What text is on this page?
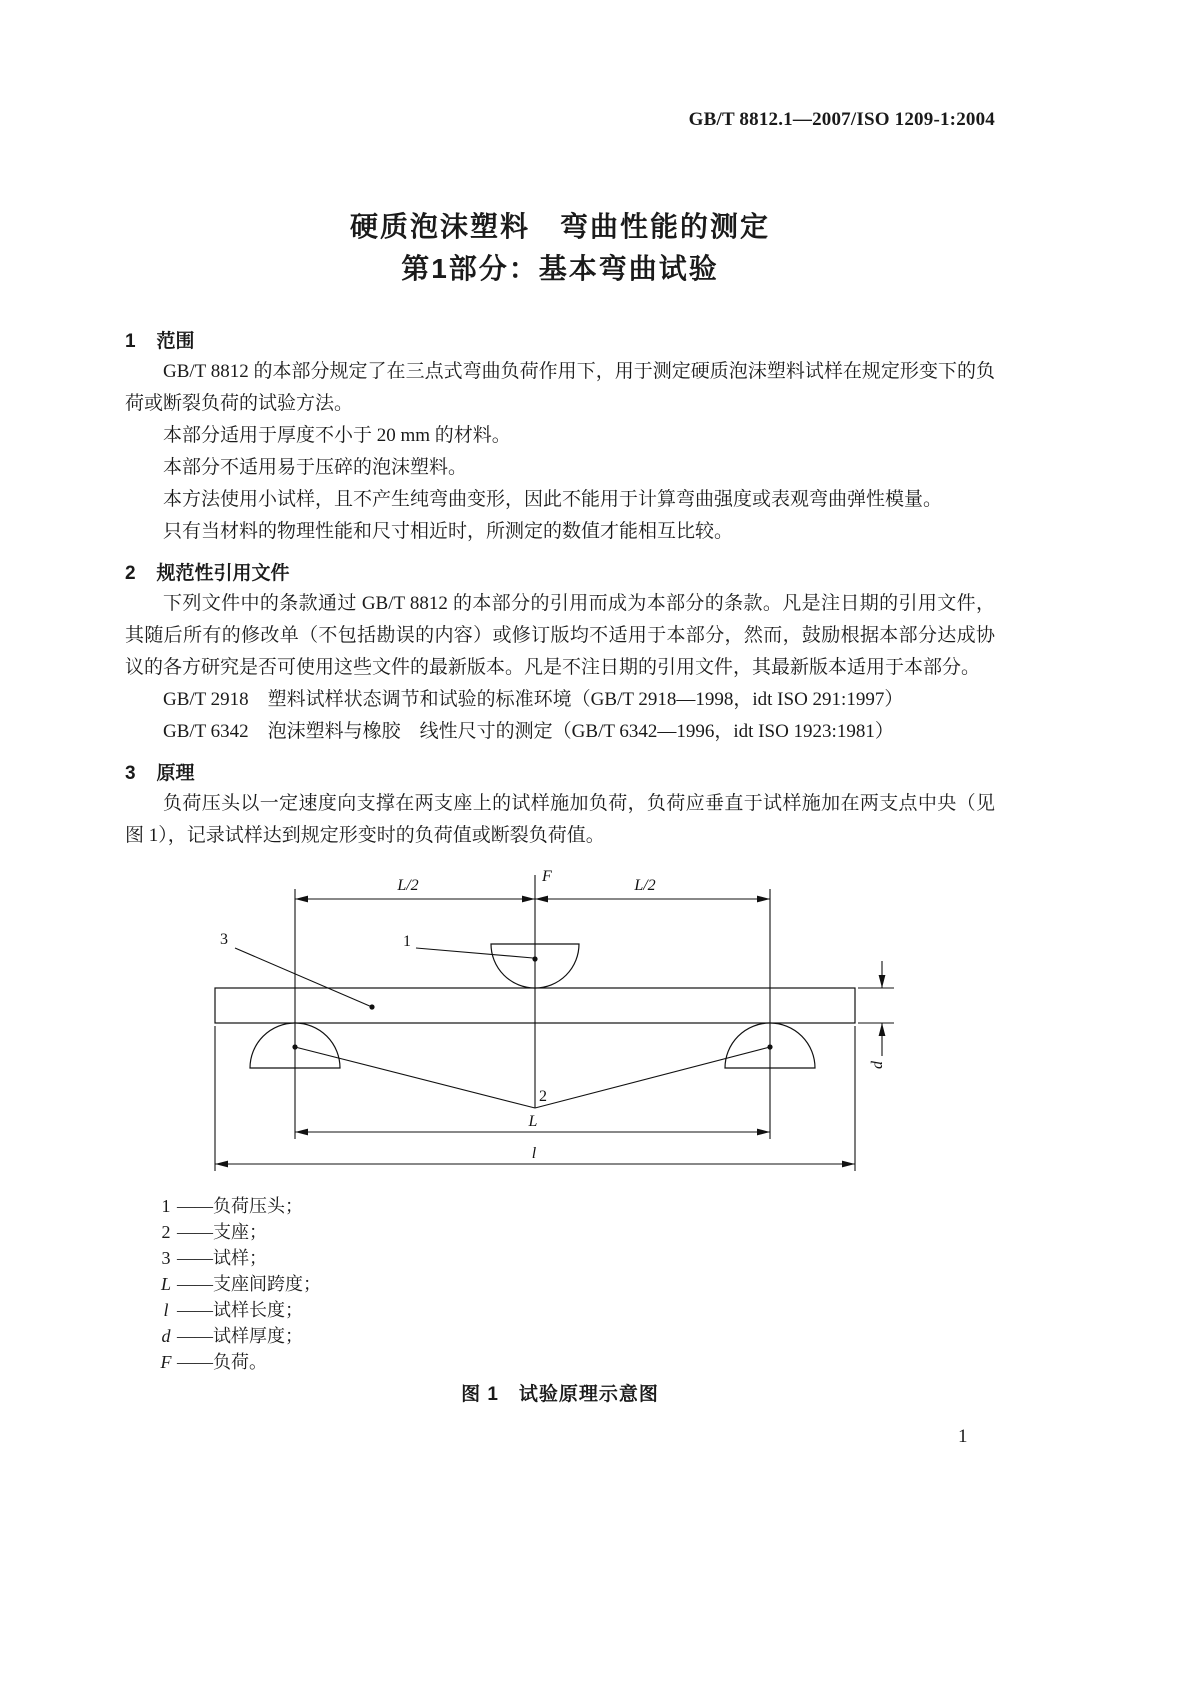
GB/T 8812.1—2007/ISO 1209-1:2004
硬质泡沫塑料　弯曲性能的测定
第1部分：基本弯曲试验
1 范围

GB/T 8812 的本部分规定了在三点式弯曲负荷作用下，用于测定硬质泡沫塑料试样在规定形变下的负荷或断裂负荷的试验方法。

本部分适用于厚度不小于 20 mm 的材料。

本部分不适用易于压碎的泡沫塑料。

本方法使用小试样，且不产生纯弯曲变形，因此不能用于计算弯曲强度或表观弯曲弹性模量。

只有当材料的物理性能和尺寸相近时，所测定的数值才能相互比较。

2 规范性引用文件

下列文件中的条款通过 GB/T 8812 的本部分的引用而成为本部分的条款。凡是注日期的引用文件，其随后所有的修改单（不包括勘误的内容）或修订版均不适用于本部分，然而，鼓励根据本部分达成协议的各方研究是否可使用这些文件的最新版本。凡是不注日期的引用文件，其最新版本适用于本部分。

GB/T 2918　塑料试样状态调节和试验的标准环境（GB/T 2918—1998，idt ISO 291:1997）

GB/T 6342　泡沫塑料与橡胶　线性尺寸的测定（GB/T 6342—1996，idt ISO 1923:1981）

3 原理

负荷压头以一定速度向支撑在两支座上的试样施加负荷，负荷应垂直于试样施加在两支点中央（见图 1），记录试样达到规定形变时的负荷值或断裂负荷值。

F
L/2	L/2
3	1
2
L
l
d
1 ——负荷压头；
2 ——支座；
3 ——试样；
L ——支座间跨度；
l ——试样长度；
d ——试样厚度；
F ——负荷。
图 1　试验原理示意图
1
